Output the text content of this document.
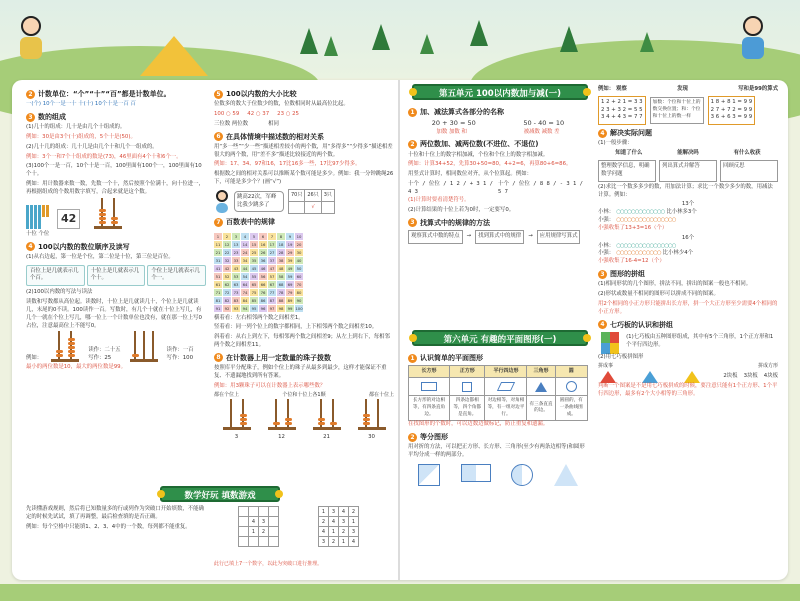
2 计数单位：“个”“十”“百”都是计数单位。
一(个) 10个一是一十 十(十) 10个十是一百 百
3 数的组成
(1)几十的组成：几十是由几个十组成的。
例如：30是由3个(十)组成的，5个十是(50)。
(2)几十几的组成：几十几是由几个十和几个一组成的。
例如：3个一和7个十组成的数是(73)，46里面有4个十和6个一。
(3)100个一是一百，10个十是一百，100里面有100个一，100里面有10个十。
例如：用计数器来数一数，先数一个十，然后按照个位满十，向十位进一，再根据组成的个数用数字填写，合起来就是这个数。
42
十位 个位
4 100以内数的数位顺序及读写
(1)从右边起，第一位是个位，第二位是十位，第三位是百位。
百位上是几就表示几个百。
十位上是几就表示几个十。
个位上是几就表示几个一。
(2)100以内数的写法与读法
读数和写数都从高位起。读数时，十位上是几就读几十，个位上是几就读几，末尾的0不读。100读作一百。写数时，有几个十就在十位上写几，有几个一就在个位上写几，哪一位上一个计数单位也没有，就在那一位上写0占位，注意最高位上不能写0。
例如：
读作：二十五
写作：25
读作：一百
写作：100
最小的两位数是10，最大的两位数是99。
数学好玩 填数游戏
先读懂游戏规则，然后将已知数量多的行或列作为突破口开始填数，不能确定的时候先试试，填了再调整，最后检查填的是否正确。
例如：每个空格中只能填1、2、3、4中的一个数，每列都不能重复。

	4	3	
	1	2	

1	3	4	2
2	4	3	1
4	1	2	3
3	2	1	4
此行已填上7一个数字，以此为突破口进行推理。
5 100以内数的大小比较
位数多的数大于位数少的数，位数相同时从最高位比起。
100 ○ 59 42 ○ 37 23 ○ 25
三位数 两位数	相同
6 在具体情境中描述数的相对关系
用“多一些”“少一些”描述相差较小的两个数，用“多得多”“少得多”描述相差很大的两个数，用“差不多”描述比较接近的两个数。
例如：17、34、97和16，17比16多一些，17比97少得多。
根据数之间的相对关系可以推断某个数可能是多少。例如：我一分钟跳绳26下，可能是多少个？(画“√”)
跳高22次，军峰比我少跳多了
70只	26只	3只
	√	
7 百数表中的规律
1	2	3	4	5	6	7	8	9	10
11	12	13	14	15	16	17	18	19	20
21	22	23	24	25	26	27	28	29	30
31	32	33	34	35	36	37	38	39	40
41	42	43	44	45	46	47	48	49	50
51	52	53	54	55	56	57	58	59	60
61	62	63	64	65	66	67	68	69	70
71	72	73	74	75	76	77	78	79	80
81	82	83	84	85	86	87	88	89	90
91	92	93	94	95	96	97	98	99 100
横着看：左右相邻两个数之间相差1。
竖着看：同一列个位上的数字都相同，上下相邻两个数之间相差10。
斜着看：从右上到左下，每相邻两个数之间相差9；从左上到右下，每相邻两个数之间相差11。
8 在计数器上用一定数量的珠子拨数
按照库平分配珠子，例如个位上的珠子从最多到最少，这样才能保证不重复、不遗漏地找到所有答案。
例如：用3颗珠子可以在计数器上表示哪些数？
都在个位上	个位和十位上各1颗	都在十位上
3	12	21	30
第五单元 100以内数加与减(一)
1 加、减法算式各部分的名称
20 + 30 = 50	50 - 40 = 10
加数 加数 和	被减数 减数 差
2 两位数加、减两位数(不进位、不退位)
十位和十位上的数字相加减，个位和个位上的数字相加减。
例如：计算34+52，先算30+50=80，4+2=6，再算80+6=86。
用竖式计算时，相同数位对齐，从个位算起。例如：
十个 / 位位 / 1 2 / + 3 1 / 4 3
十个 / 位位 / 8 8 / - 3 1 / 5 7
(1)计算时要看清楚符号。
(2)计算结果的十位上若为0时，一定要写0。
3 找算式中的规律的方法
观察算式中数的特点	→	找到算式中的规律	→	应用规律写算式
第六单元 有趣的平面图形(一)
1 认识简单的平面图形
长方形	正方形	平行四边形	三角形	圆

长方形的对边相等，有四条直角边。	四条边都相等，四个角都是直角。	对边相等，对角相等，有一组对边平行。	有三条直直的边。	圆圆的，有一条曲线围成。
在找图形的个数时，可以边数边做标记，防止重复和遗漏。
2 等分图形
用对折的方法，可以把正方形、长方形、三角形(至少有两条边相等)和圆形平均分成一样的两部分。
例如： 观察	发现	写和是99的算式
1 2 + 2 1 = 3 3
2 3 + 3 2 = 5 5
3 4 + 4 3 = 7 7
加数：个位和十位上的数交换位置；和：个位和十位上的数一样
1 8 + 8 1 = 9 9
2 7 + 7 2 = 9 9
3 6 + 6 3 = 9 9
4 解决实际问题
(1)一般步骤：
知道了什么	能解决吗	有什么收获
整理数学信息，明确数学问题
列出算式并解答	回顾反思
(2)求比一个数多多少的数，用加法计算；求比一个数少多少的数，用减法计算。例如：
13个
小林： ○○○○○○○○○○○○○ 比小林多3个
小强： ○○○○○○○○○○○○○○○○
小强收集了13+3=16（个）
16个
小林： ○○○○○○○○○○○○○○○○
小强： ○○○○○○○○○○○○ 比小林少4个
小强收集了16-4=12（个）
3 图形的拼组
(1)相同形状的几个图形，拼法不同，拼出的图案一般也不相同。
(2)形状或数量不相同的图形可以拼成不同的图案。
用2个相同的小正方形只能拼出长方形，拼一个大正方形至少需要4个相同的小正方形。
4 七巧板的认识和拼组
(1)七巧板由五种图形组成，其中有5个三角形，1个正方形和1个平行四边形。
(2)用七巧板拼图形
拼成事	拼成方形
2块板 3块板 4块板
判断一个图案是不是用七巧板拼成的时候，要注意只能有1个正方形、1个平行四边形，最多有2个大小相等的三角形。
